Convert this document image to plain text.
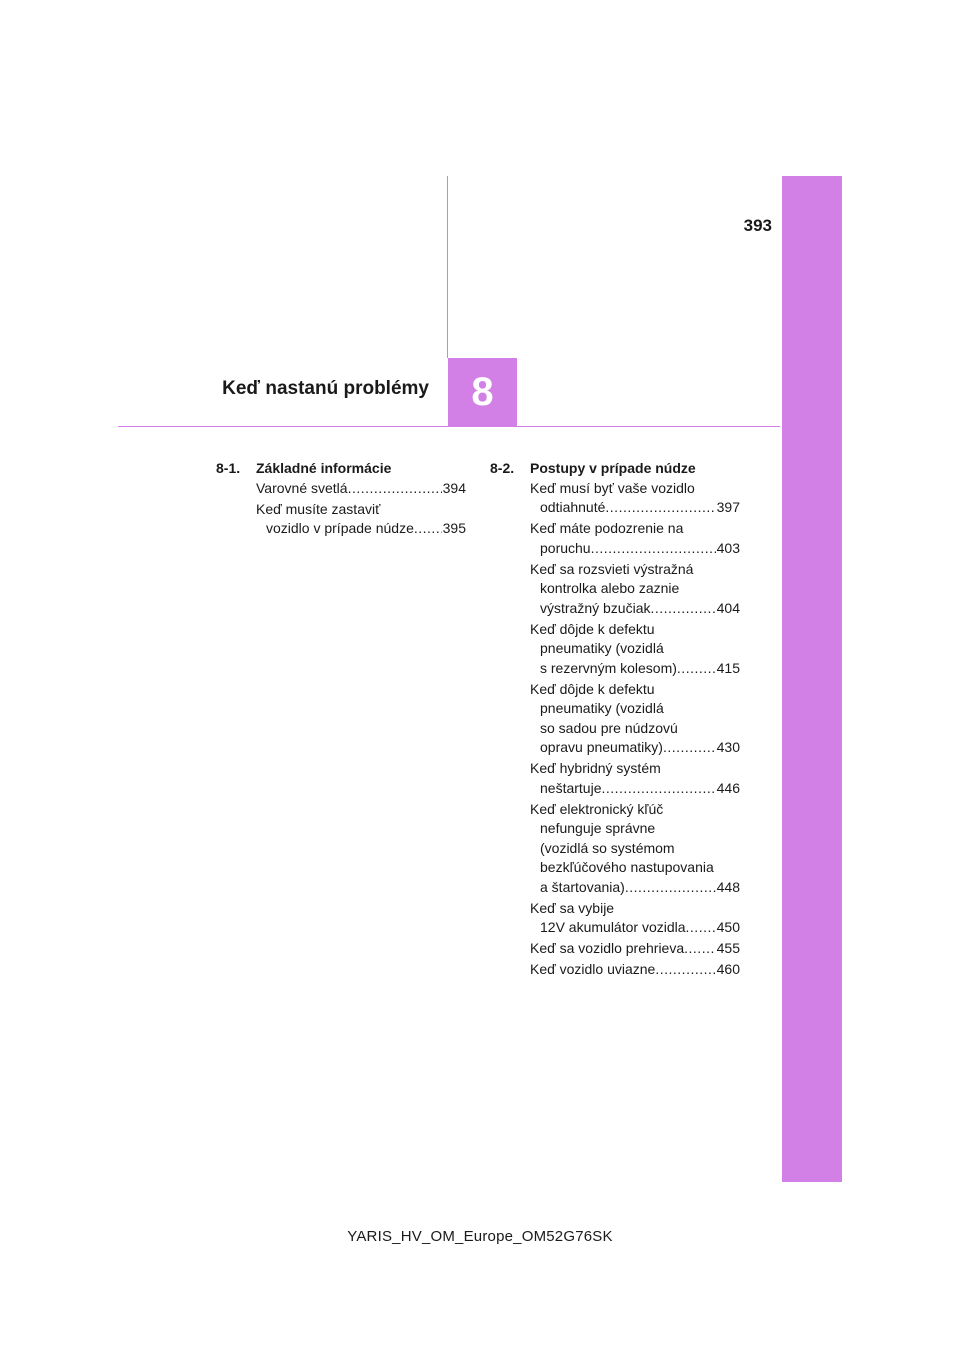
393
Keď nastanú problémy 8
8-1.	Základné informácie
Varovné svetlá .....	394
Keď musíte zastaviť
vozidlo v prípade núdze ..... 395
8-2.	Postupy v prípade núdze
Keď musí byť vaše vozidlo
odtiahnuté .....	397
Keď máte podozrenie na
poruchu .....	403
Keď sa rozsvieti výstražná
kontrolka alebo zaznie
výstražný bzučiak .....	404
Keď dôjde k defektu
pneumatiky (vozidlá
s rezervným kolesom) .....	415
Keď dôjde k defektu
pneumatiky (vozidlá
so sadou pre núdzovú
opravu pneumatiky) .....	430
Keď hybridný systém
neštartuje .....	446
Keď elektronický kľúč
nefunguje správne
(vozidlá so systémom
bezkľúčového nastupovania
a štartovania) .....	448
Keď sa vybije
12V akumulátor vozidla ..... 450
Keď sa vozidlo prehrieva ..... 455
Keď vozidlo uviazne .....	460
YARIS_HV_OM_Europe_OM52G76SK
